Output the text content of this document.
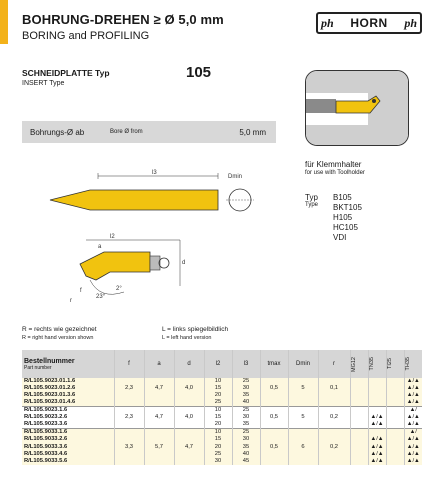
BOHRUNG-DREHEN ≥ Ø 5,0 mm
BORING and PROFILING
ph HORN ph
SCHNEIDPLATTE Typ
INSERT Type
105
Bohrungs-Ø ab	Bore Ø from	5,0 mm
l3
Dmin
l2
d
a
2°
23°
f
r
für Klemmhalter
for use with Toolholder
Typ
Type
B105
BKT105
H105
HC105
VDI
R = rechts wie gezeichnet
R = right hand version shown
L = links spiegelbildlich
L = left hand version
Bestellnummer
Part number	f	a	d	l2	l3	tmax	Dmin	r	MG12	TN35	TI25	TH35

R/L105.9023.01.1.6				10	25							▲/▲
R/L105.9023.01.2.6	2,3	4,7	4,0	15	30	0,5	5	0,1				▲/▲
R/L105.9023.01.3.6				20	35							▲/▲
R/L105.9023.01.4.6				25	40							▲/▲
R/L105.9023.1.6				10	25							▲/
R/L105.9023.2.6	2,3	4,7	4,0	15	30	0,5	5	0,2		▲/▲		▲/▲
R/L105.9023.3.6				20	35					▲/▲		▲/▲
R/L105.9033.1.6				10	25							▲/
R/L105.9033.2.6				15	30					▲/▲		▲/▲
R/L105.9033.3.6	3,3	5,7	4,7	20	35	0,5	6	0,2		▲/▲		▲/▲
R/L105.9033.4.6				25	40					▲/▲		▲/▲
R/L105.9033.5.6				30	45					▲/▲		▲/▲
